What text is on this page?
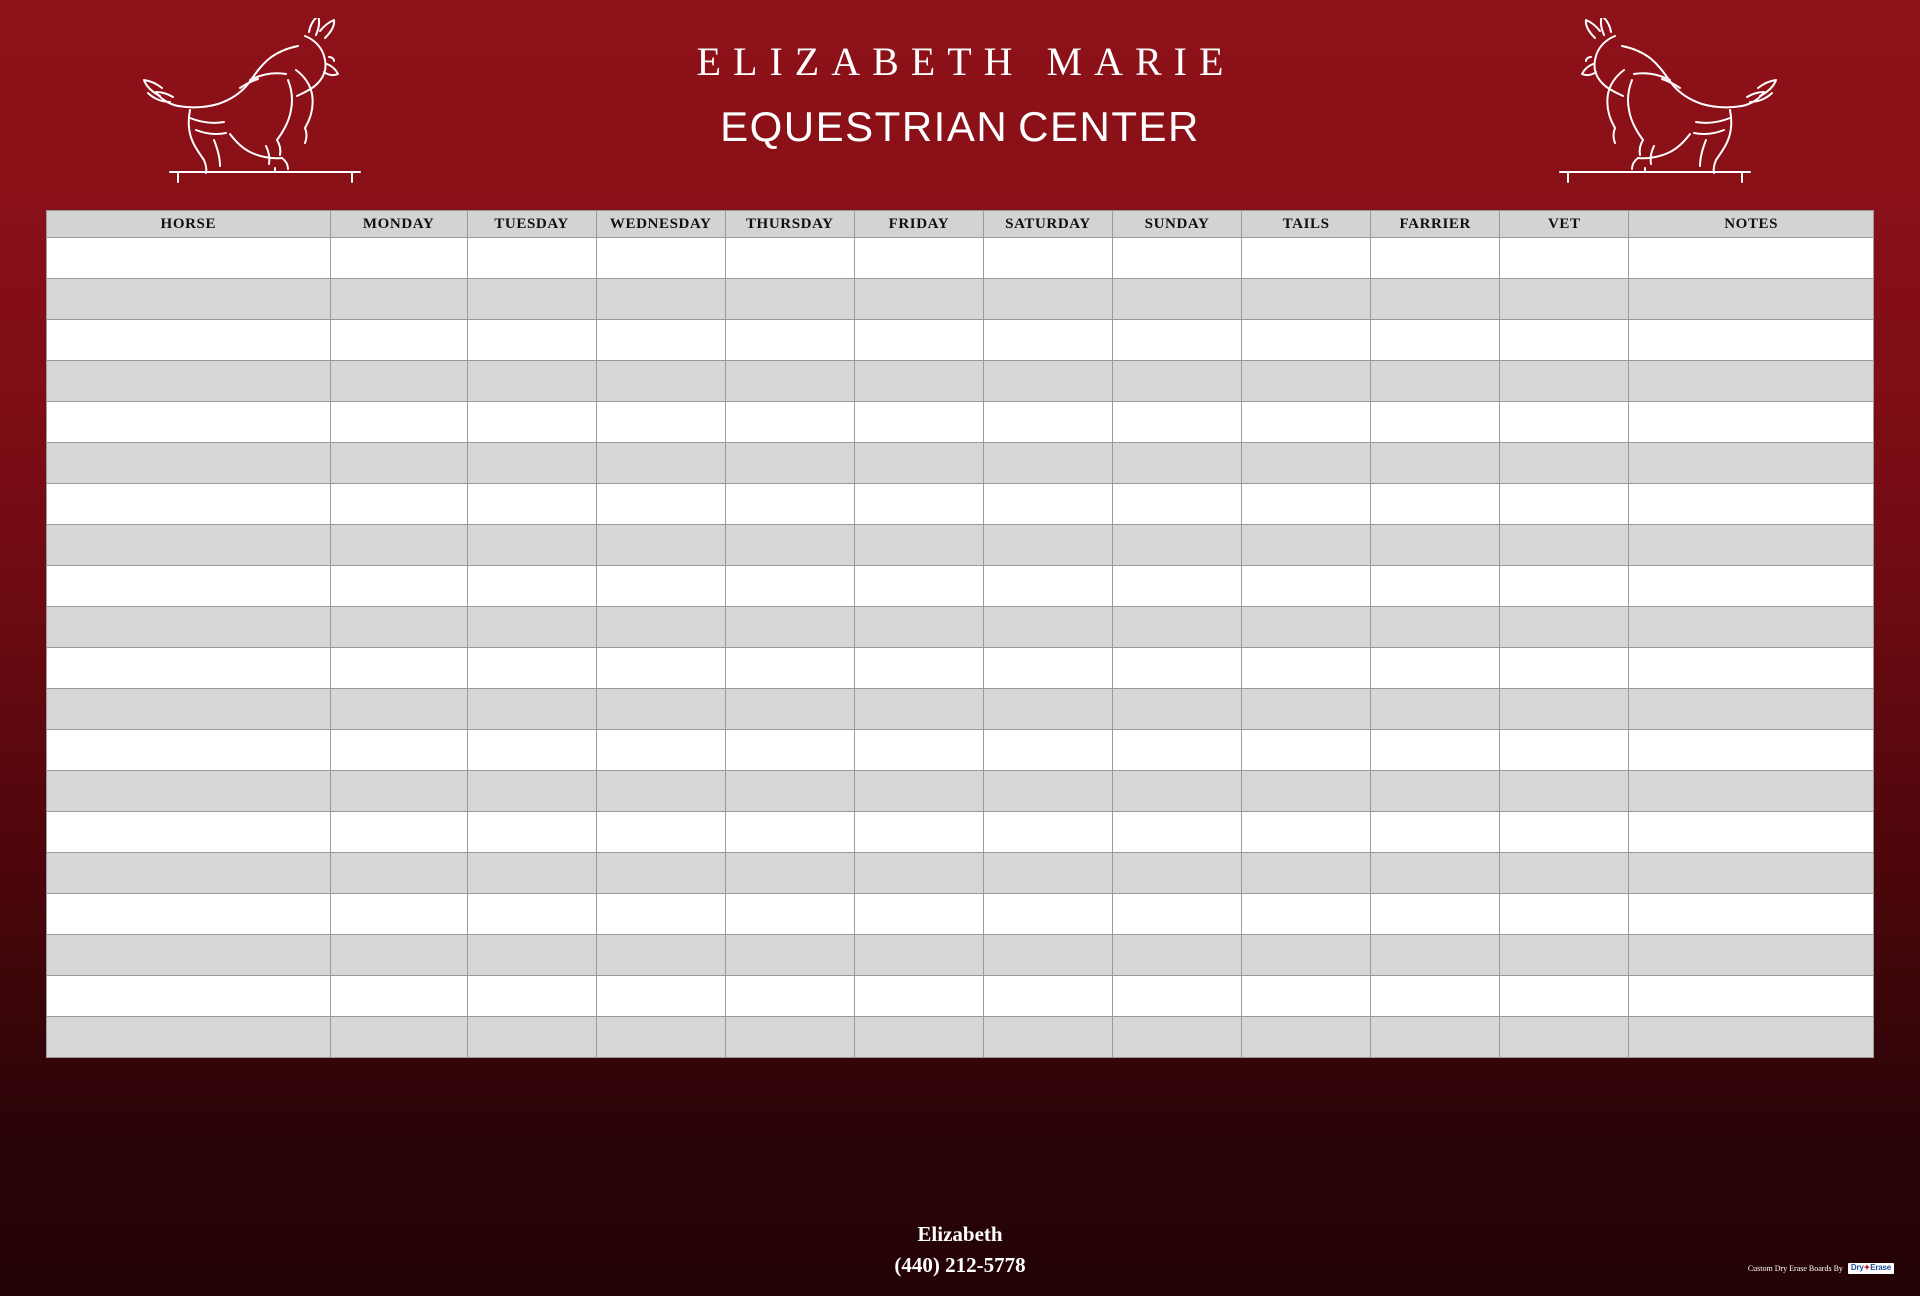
ELIZABETH MARIE
EQUESTRIAN CENTER
HORSE	MONDAY	TUESDAY	WEDNESDAY	THURSDAY	FRIDAY	SATURDAY	SUNDAY	TAILS	FARRIER	VET	NOTES

Elizabeth
(440) 212-5778	Custom Dry Erase Boards By	Dry✦Erase
